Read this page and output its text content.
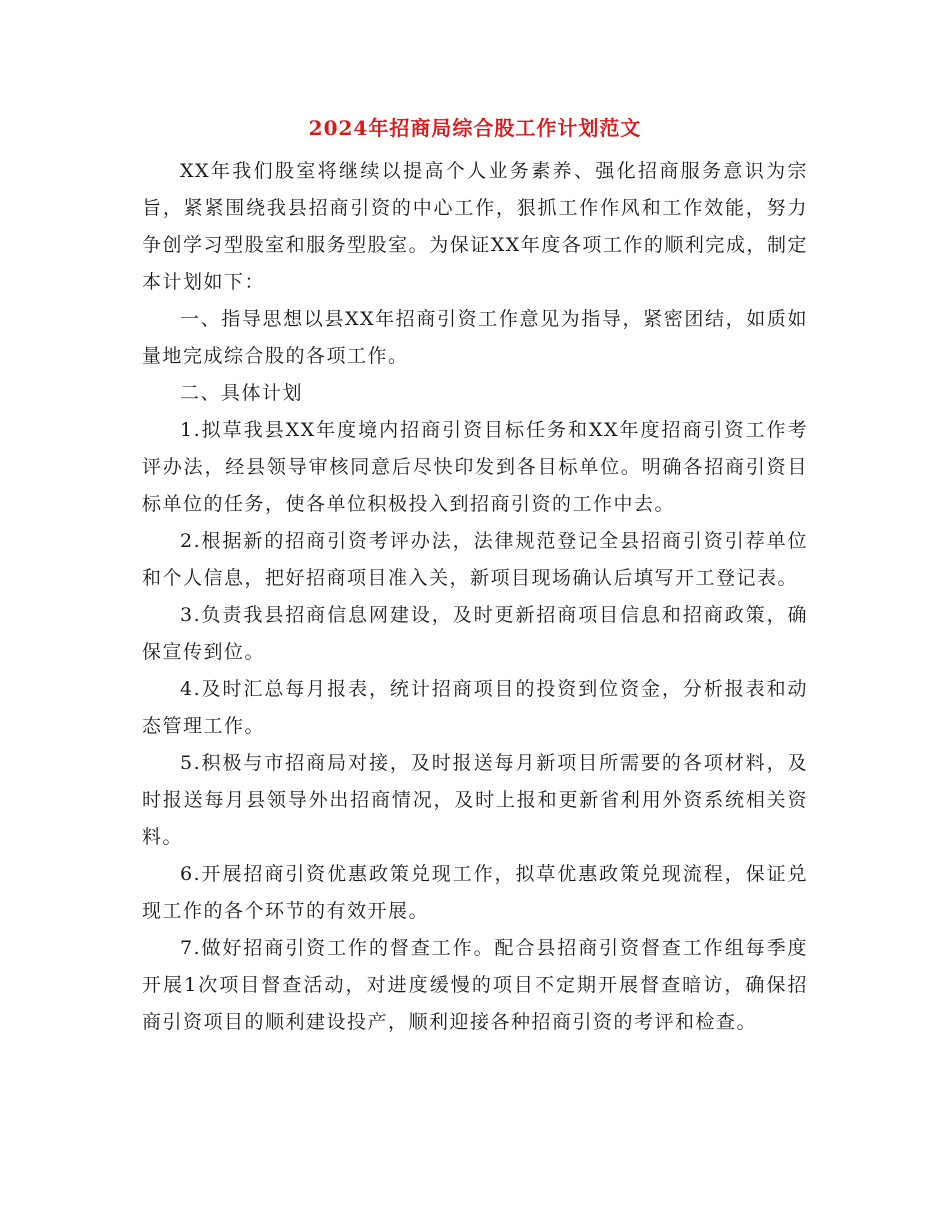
2024年招商局综合股工作计划范文

XX年我们股室将继续以提高个人业务素养、强化招商服务意识为宗旨，紧紧围绕我县招商引资的中心工作，狠抓工作作风和工作效能，努力争创学习型股室和服务型股室。为保证XX年度各项工作的顺利完成，制定本计划如下：

一、指导思想以县XX年招商引资工作意见为指导，紧密团结，如质如量地完成综合股的各项工作。

二、具体计划

1.拟草我县XX年度境内招商引资目标任务和XX年度招商引资工作考评办法，经县领导审核同意后尽快印发到各目标单位。明确各招商引资目标单位的任务，使各单位积极投入到招商引资的工作中去。

2.根据新的招商引资考评办法，法律规范登记全县招商引资引荐单位和个人信息，把好招商项目准入关，新项目现场确认后填写开工登记表。

3.负责我县招商信息网建设，及时更新招商项目信息和招商政策，确保宣传到位。

4.及时汇总每月报表，统计招商项目的投资到位资金，分析报表和动态管理工作。

5.积极与市招商局对接，及时报送每月新项目所需要的各项材料，及时报送每月县领导外出招商情况，及时上报和更新省利用外资系统相关资料。

6.开展招商引资优惠政策兑现工作，拟草优惠政策兑现流程，保证兑现工作的各个环节的有效开展。

7.做好招商引资工作的督查工作。配合县招商引资督查工作组每季度开展1次项目督查活动，对进度缓慢的项目不定期开展督查暗访，确保招商引资项目的顺利建设投产，顺利迎接各种招商引资的考评和检查。
